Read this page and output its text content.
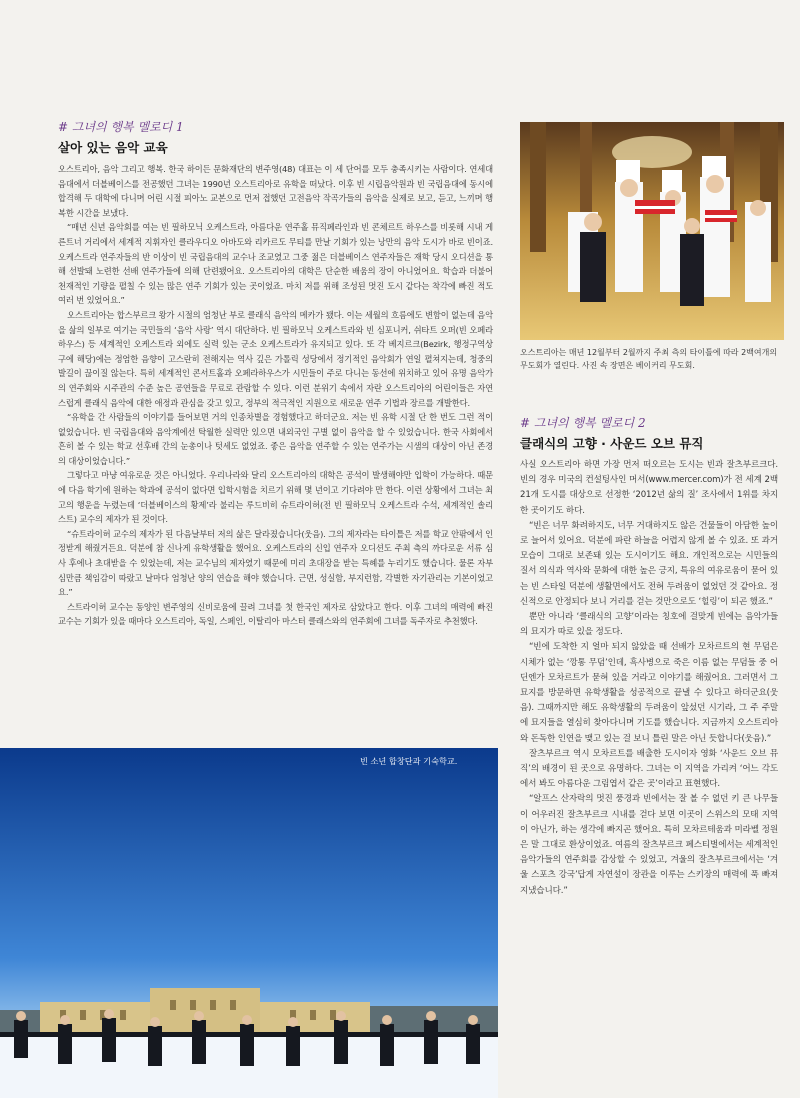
# 그녀의 행복 멜로디 1

살아 있는 음악 교육

오스트리아, 음악 그리고 행복. 한국 하이든 문화재단의 변주영(48) 대표는 이 세 단어를 모두 충족시키는 사람이다. 연세대 음대에서 더블베이스를 전공했던 그녀는 1990년 오스트리아로 유학을 떠났다. 이후 빈 시립음악원과 빈 국립음대에 동시에 합격해 두 대학에 다니며 어린 시절 피아노 교본으로 먼저 접했던 고전음악 작곡가들의 음악을 실제로 보고, 듣고, 느끼며 행복한 시간을 보냈다.

“매년 신년 음악회를 여는 빈 필하모닉 오케스트라, 아름다운 연주홀 뮤직페라인과 빈 콘체르트 하우스를 비롯해 시내 게른트너 거리에서 세계적 지휘자인 클라우디오 아바도와 리카르도 무티를 만날 기회가 있는 낭만의 음악 도시가 바로 빈이죠. 오케스트라 연주자들의 반 이상이 빈 국립음대의 교수나 조교였고 그중 젊은 더블베이스 연주자들은 재학 당시 오디션을 통해 선발돼 노련한 선배 연주가들에 의해 단련됐어요. 오스트리아의 대학은 단순한 배움의 장이 아니었어요. 학습과 더불어 천재적인 기량을 펼칠 수 있는 많은 연주 기회가 있는 곳이었죠. 마치 저를 위해 조성된 멋진 도시 같다는 착각에 빠진 적도 여러 번 있었어요.”

오스트리아는 합스부르크 왕가 시절의 엄청난 부로 클래식 음악의 메카가 됐다. 이는 세월의 흐름에도 변함이 없는데 음악을 삶의 일부로 여기는 국민들의 ‘음악 사랑’ 역시 대단하다. 빈 필하모닉 오케스트라와 빈 심포니커, 쉬타트 오퍼(빈 오페라하우스) 등 세계적인 오케스트라 외에도 실력 있는 군소 오케스트라가 유지되고 있다. 또 각 베지르크(Bezirk, 행정구역상 구에 해당)에는 정엄한 음향이 고스란히 전해지는 역사 깊은 가톨릭 성당에서 정기적인 음악회가 연일 펼쳐지는데, 청중의 발길이 끊이질 않는다. 특히 세계적인 콘서트홀과 오페라하우스가 시민들이 주로 다니는 동선에 위치하고 있어 유명 음악가의 연주회와 시주관의 수준 높은 공연들을 무료로 관람할 수 있다. 이런 분위기 속에서 자란 오스트리아의 어린이들은 자연스럽게 클래식 음악에 대한 애정과 관심을 갖고 있고, 정부의 적극적인 지원으로 새로운 연주 기법과 장르를 개발한다.

“유학을 간 사람들의 이야기를 들어보면 거의 인종차별을 경험했다고 하더군요. 저는 빈 유학 시절 단 한 번도 그런 적이 없었습니다. 빈 국립음대와 음악계에선 탁월한 실력만 있으면 내외국인 구별 없이 음악을 할 수 있었습니다. 한국 사회에서 흔히 볼 수 있는 학교 선후배 간의 눈총이나 텃세도 없었죠. 좋은 음악을 연주할 수 있는 연주가는 시샘의 대상이 아닌 존경의 대상이었습니다.”

그렇다고 마냥 여유로운 것은 아니었다. 우리나라와 달리 오스트리아의 대학은 공석이 발생해야만 입학이 가능하다. 때문에 다음 학기에 원하는 학과에 공석이 없다면 입학시험을 치르기 위해 몇 년이고 기다려야 만 한다. 이런 상황에서 그녀는 최고의 행운을 누렸는데 ‘더블베이스의 황제’라 불리는 루드비히 슈트라이허(전 빈 필하모닉 오케스트라 수석, 세계적인 솔리스트) 교수의 제자가 된 것이다.

“슈트라이허 교수의 제자가 된 다음날부터 저의 삶은 달라졌습니다(웃음). 그의 제자라는 타이틀은 저를 학교 안팎에서 인정받게 해줬거든요. 덕분에 참 신나게 유학생활을 했어요. 오케스트라의 신입 연주자 오디션도 주최 측의 까다로운 서류 심사 후에나 초대받을 수 있었는데, 저는 교수님의 제자였기 때문에 미리 초대장을 받는 특혜를 누리기도 했습니다. 물론 자부심만큼 책임감이 따랐고 날마다 엄청난 양의 연습을 해야 했습니다. 근면, 성실함, 부지런함, 각별한 자기관리는 기본이었고요.”

스트라이허 교수는 동양인 변주영의 신비로움에 끌려 그녀를 첫 한국인 제자로 삼았다고 한다. 이후 그녀의 매력에 빠진 교수는 기회가 있을 때마다 오스트리아, 독일, 스페인, 이탈리아 마스터 클래스와의 연주회에 그녀를 독주자로 추천했다.

오스트리아는 매년 12월부터 2월까지 주최 측의 타이틀에 따라 2백여개의 무도회가 열린다. 사진 속 장면은 베이커리 무도회.

# 그녀의 행복 멜로디 2

클래식의 고향 · 사운드 오브 뮤직

사실 오스트리아 하면 가장 먼저 떠오르는 도시는 빈과 잘츠부르크다. 빈의 경우 미국의 컨설팅사인 머서(www.mercer.com)가 전 세계 2백21개 도시를 대상으로 선정한 ‘2012년 삶의 질’ 조사에서 1위를 차지한 곳이기도 하다.

“빈은 너무 화려하지도, 너무 거대하지도 않은 건물들이 아담한 높이로 늘어서 있어요. 덕분에 파란 하늘을 어렵지 않게 볼 수 있죠. 또 과거 모습이 그대로 보존돼 있는 도시이기도 해요. 개인적으로는 시민들의 질서 의식과 역사와 문화에 대한 높은 긍지, 특유의 여유로움이 묻어 있는 빈 스타일 덕분에 생활면에서도 전혀 두려움이 없었던 것 같아요. 정신적으로 안정되다 보니 거리를 걷는 것만으로도 ‘힐링’이 되곤 했죠.”

뿐만 아니라 ‘클래식의 고향’이라는 칭호에 걸맞게 빈에는 음악가들의 묘지가 따로 있을 정도다.

“빈에 도착한 지 얼마 되지 않았을 때 선배가 모차르트의 현 무덤은 시체가 없는 ‘깡통 무덤’인데, 흑사병으로 죽은 이름 없는 무덤들 중 어딘엔가 모차르트가 묻혀 있을 거라고 이야기를 해줬어요. 그러면서 그 묘지를 방문하면 유학생활을 성공적으로 끝낼 수 있다고 하더군요(웃음). 그때까지만 해도 유학생활의 두려움이 앞섰던 시기라, 그 주 주말에 묘지들을 열심히 찾아다니며 기도를 했습니다. 지금까지 오스트리아와 돈독한 인연을 맺고 있는 걸 보니 틀린 말은 아닌 듯합니다(웃음).”

잘츠부르크 역시 모차르트를 배출한 도시이자 영화 ‘사운드 오브 뮤직’의 배경이 된 곳으로 유명하다. 그녀는 이 지역을 가리켜 ‘어느 각도에서 봐도 아름다운 그림엽서 같은 곳’이라고 표현했다.

“알프스 산자락의 멋진 풍경과 빈에서는 잘 볼 수 없던 키 큰 나무들이 어우러진 잘츠부르크 시내를 걷다 보면 이곳이 스위스의 모태 지역이 아닌가, 하는 생각에 빠지곤 했어요. 특히 모차르테움과 미라벨 정원은 말 그대로 환상이었죠. 여름의 잘츠부르크 페스티벌에서는 세계적인 음악가들의 연주회를 감상할 수 있었고, 겨울의 잘츠부르크에서는 ‘겨울 스포츠 강국’답게 자연설이 장관을 이루는 스키장의 매력에 푹 빠져 지냈습니다.”

빈 소년 합창단과 기숙학교.
